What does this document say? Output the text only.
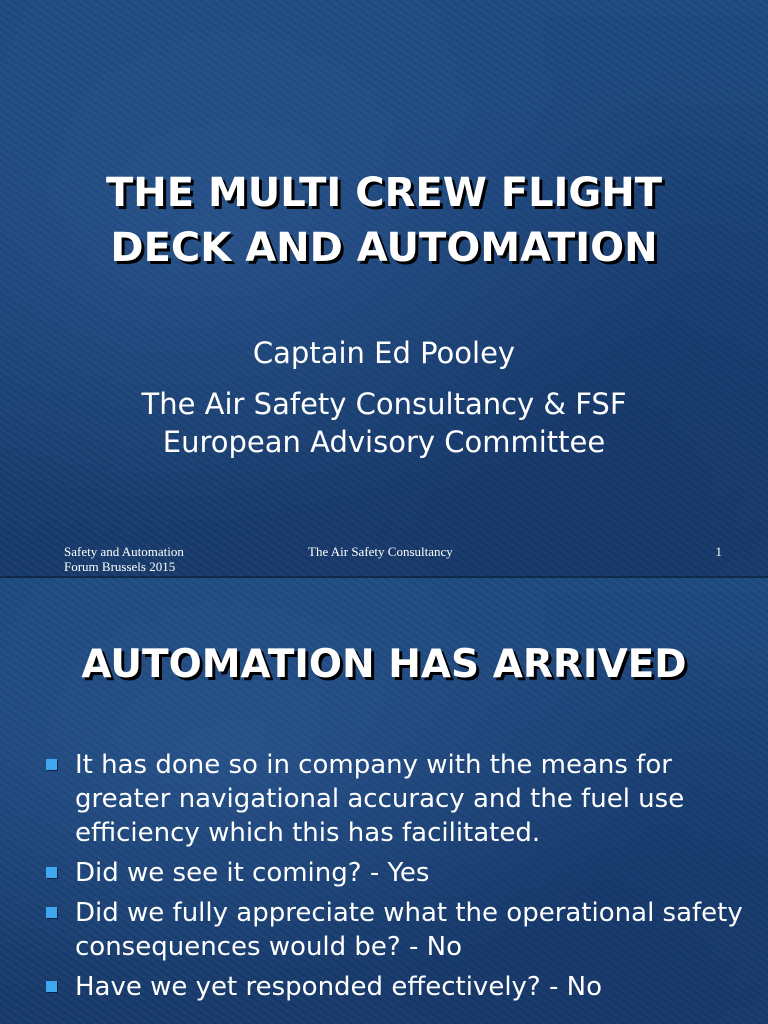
THE MULTI CREW FLIGHT
DECK AND AUTOMATION
Captain Ed Pooley
The Air Safety Consultancy & FSF
European Advisory Committee
Safety and Automation
Forum Brussels 2015
The Air Safety Consultancy	1
AUTOMATION HAS ARRIVED
It has done so in company with the means for greater navigational accuracy and the fuel use efficiency which this has facilitated.
Did we see it coming? - Yes
Did we fully appreciate what the operational safety consequences would be? - No
Have we yet responded effectively? - No
